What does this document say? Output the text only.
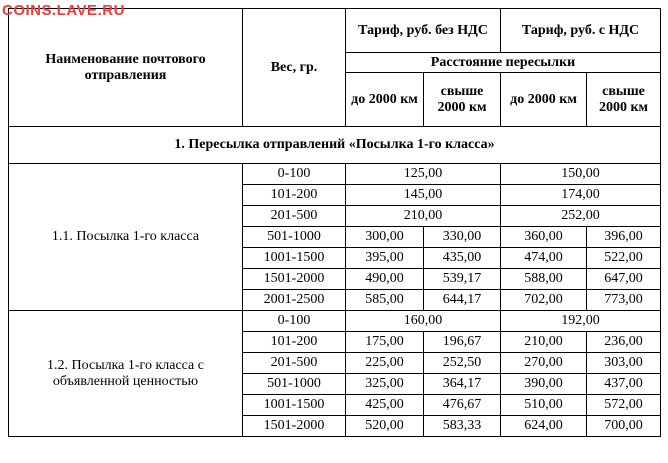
COINS.LAVE.RU
Наименование почтового отправления	Вес, гр.	Тариф, руб. без НДС		Тариф, руб. с НДС	
		Расстояние пересылки			
		до 2000 км	свыше 2000 км	до 2000 км	свыше 2000 км
1. Пересылка отправлений «Посылка 1-го класса»					
1.1. Посылка 1-го класса	0-100	125,00		150,00	
	101-200	145,00		174,00	
	201-500	210,00		252,00	
	501-1000	300,00	330,00	360,00	396,00
	1001-1500	395,00	435,00	474,00	522,00
	1501-2000	490,00	539,17	588,00	647,00
	2001-2500	585,00	644,17	702,00	773,00
1.2. Посылка 1-го класса с объявленной ценностью	0-100	160,00		192,00	
	101-200	175,00	196,67	210,00	236,00
	201-500	225,00	252,50	270,00	303,00
	501-1000	325,00	364,17	390,00	437,00
	1001-1500	425,00	476,67	510,00	572,00
	1501-2000	520,00	583,33	624,00	700,00
